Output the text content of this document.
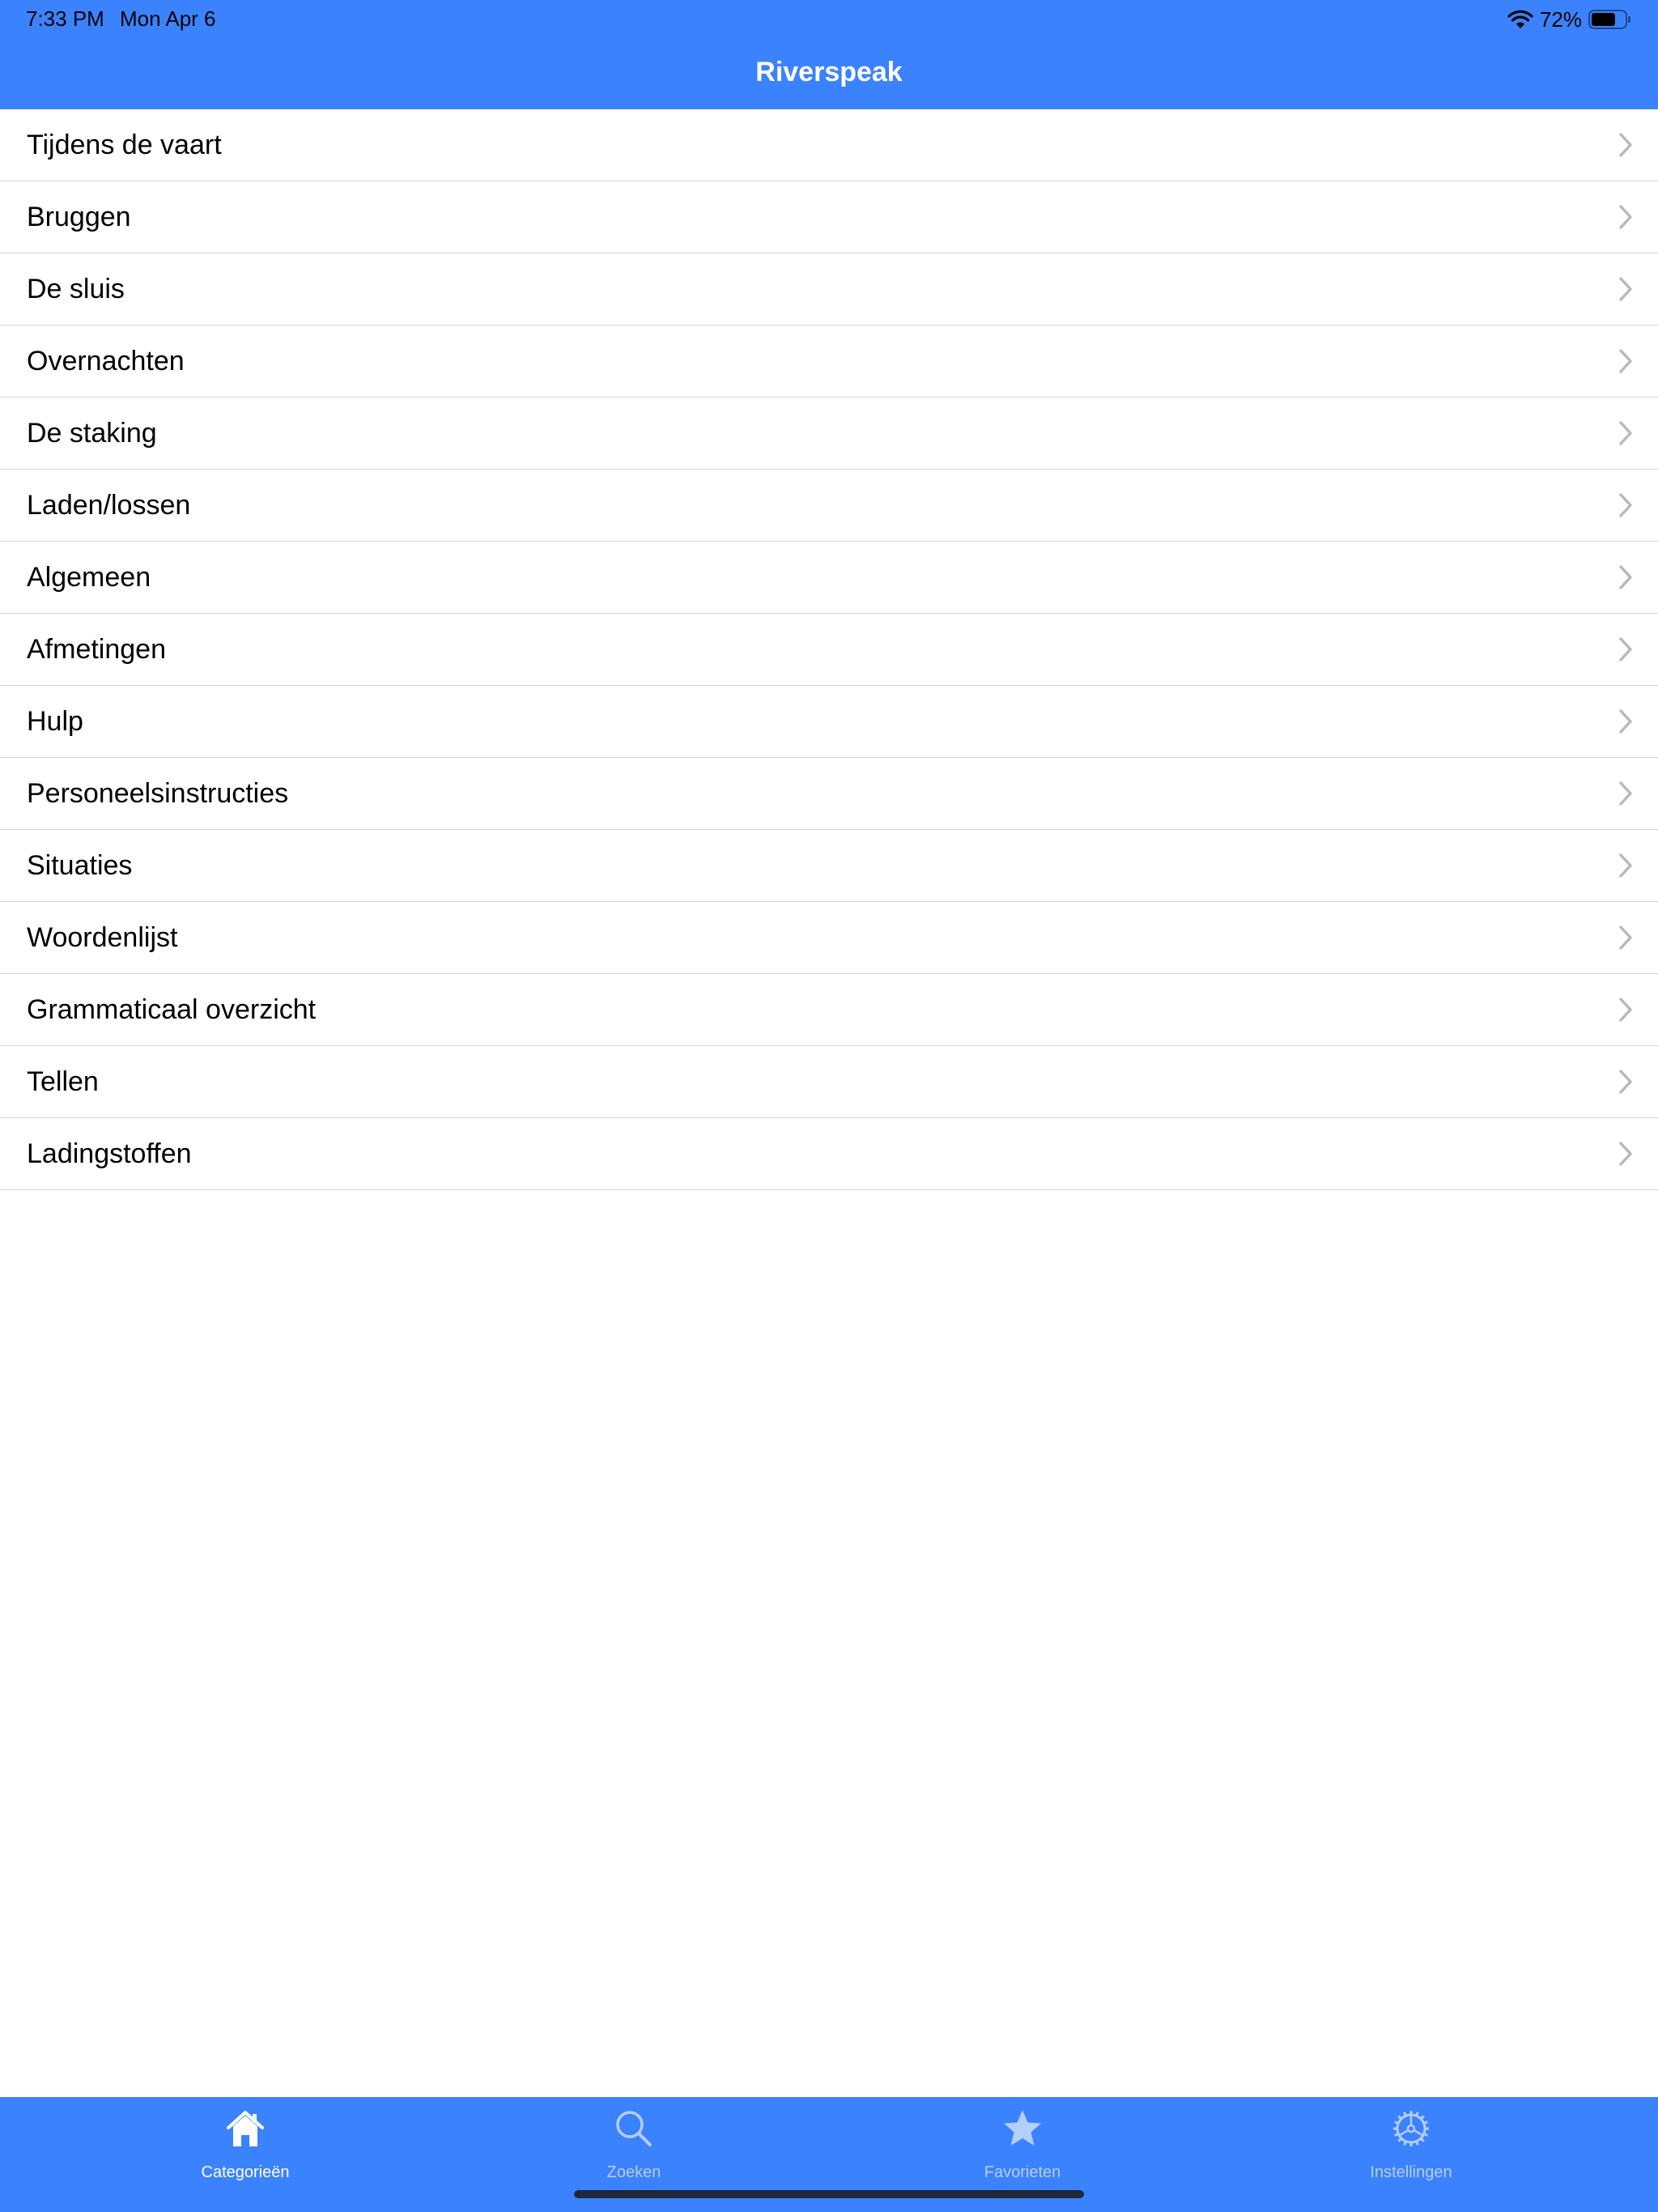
7:33 PM Mon Apr 6	72%
Riverspeak
Tijdens de vaart
Bruggen
De sluis
Overnachten
De staking
Laden/lossen
Algemeen
Afmetingen
Hulp
Personeelsinstructies
Situaties
Woordenlijst
Grammaticaal overzicht
Tellen
Ladingstoffen
Categorieën	Zoeken	Favorieten	Instellingen
